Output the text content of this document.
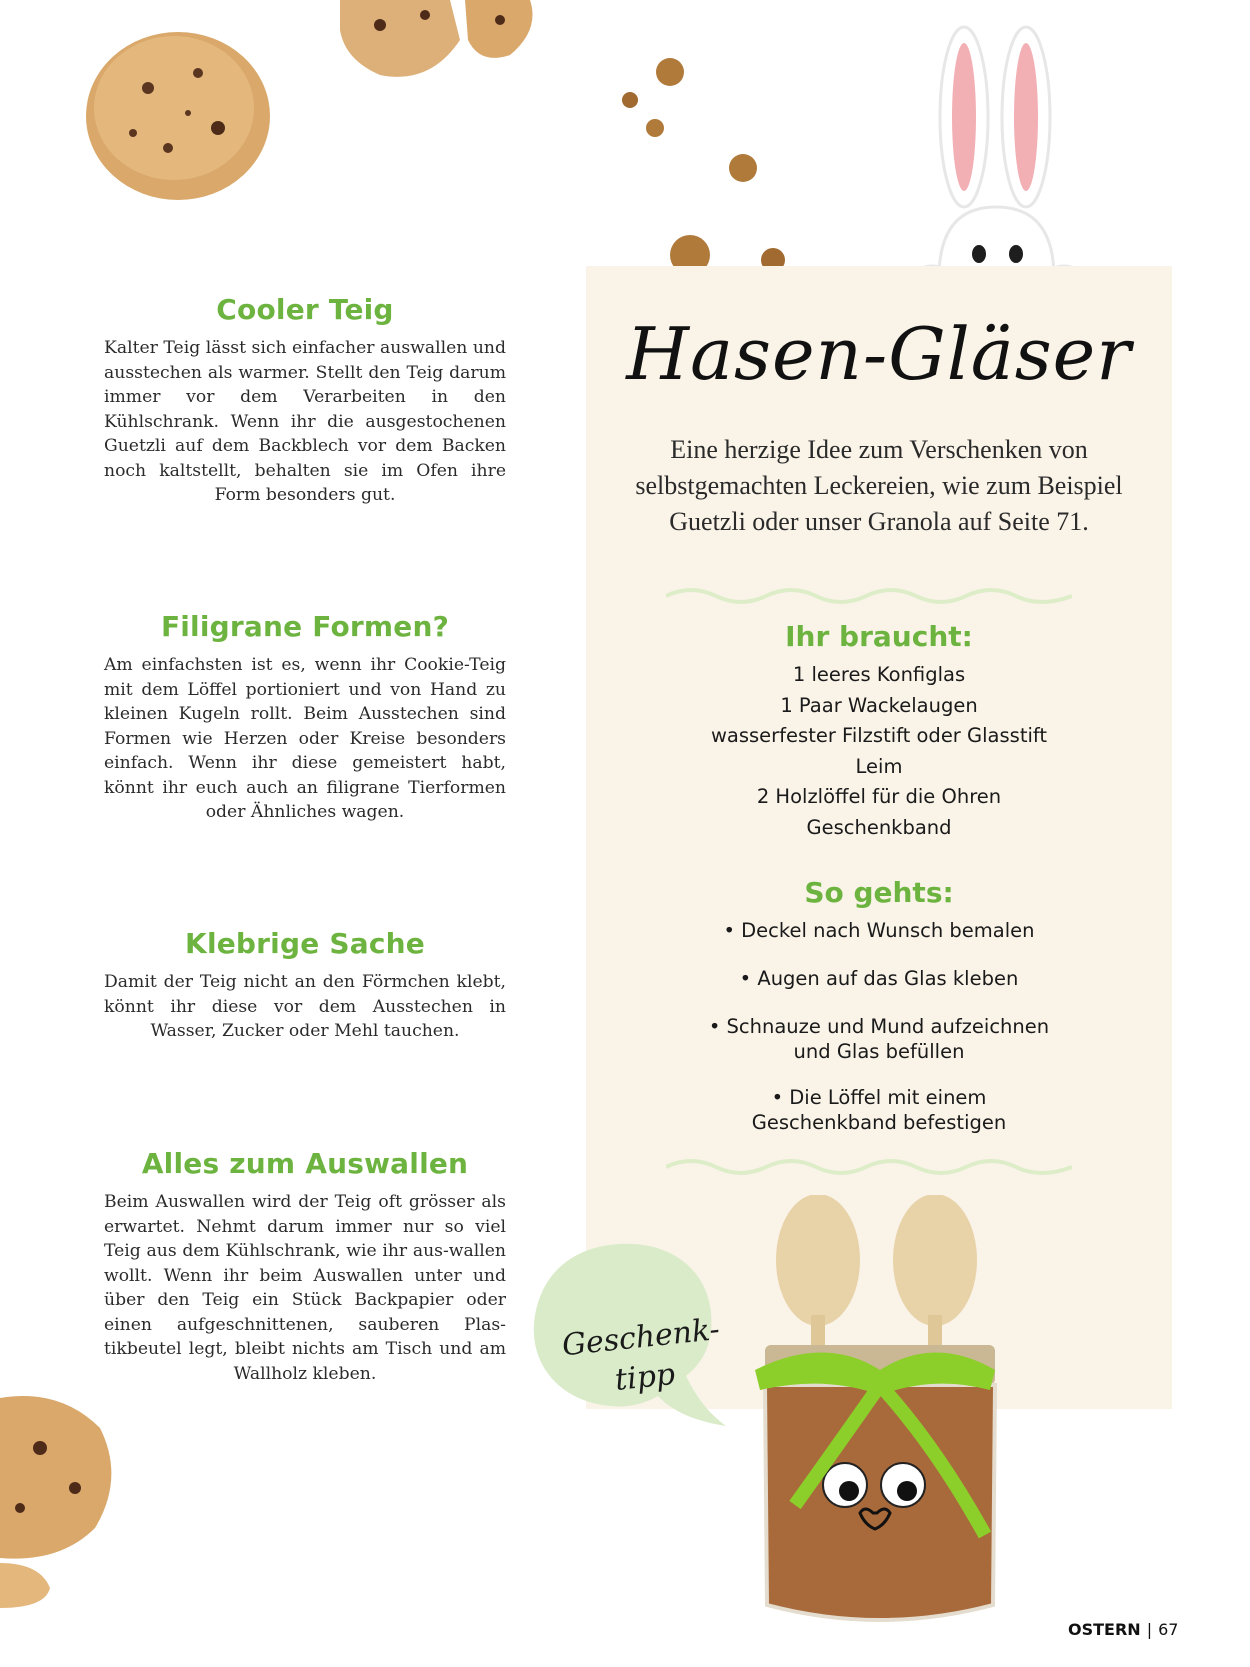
Cooler Teig

Kalter Teig lässt sich einfacher auswallen und ausstechen als warmer. Stellt den Teig darum immer vor dem Verarbeiten in den Kühlschrank. Wenn ihr die ausgestochenen Guetzli auf dem Backblech vor dem Backen noch kaltstellt, behalten sie im Ofen ihre Form besonders gut.

Filigrane Formen?

Am einfachsten ist es, wenn ihr Cookie-Teig mit dem Löffel portioniert und von Hand zu kleinen Kugeln rollt. Beim Ausstechen sind Formen wie Herzen oder Kreise besonders einfach. Wenn ihr diese gemeistert habt, könnt ihr euch auch an filigrane Tierformen oder Ähnliches wagen.

Klebrige Sache

Damit der Teig nicht an den Förmchen klebt, könnt ihr diese vor dem Ausstechen in Wasser, Zucker oder Mehl tauchen.

Alles zum Auswallen

Beim Auswallen wird der Teig oft grösser als erwartet. Nehmt darum immer nur so viel Teig aus dem Kühlschrank, wie ihr aus-wallen wollt. Wenn ihr beim Auswallen unter und über den Teig ein Stück Backpapier oder einen aufgeschnittenen, sauberen Plas-tikbeutel legt, bleibt nichts am Tisch und am Wallholz kleben.

Hasen-Gläser
Eine herzige Idee zum Verschenken von selbstgemachten Leckereien, wie zum Beispiel Guetzli oder unser Granola auf Seite 71.
Ihr braucht:
1 leeres Konfiglas
1 Paar Wackelaugen
wasserfester Filzstift oder Glasstift
Leim
2 Holzlöffel für die Ohren
Geschenkband
So gehts:
• Deckel nach Wunsch bemalen
• Augen auf das Glas kleben
• Schnauze und Mund aufzeichnen und Glas befüllen
• Die Löffel mit einem Geschenkband befestigen
Geschenk-
tipp
OSTERN | 67
